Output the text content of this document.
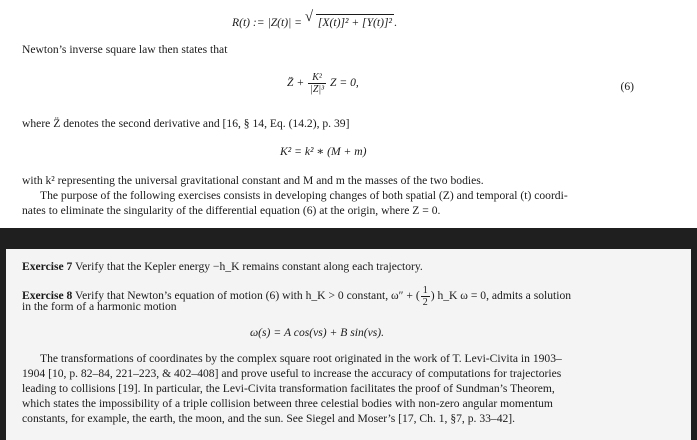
R(t) := |Z(t)| = √ [X(t)]² + [Y(t)]² .
Newton’s inverse square law then states that
Z̈ + $\frac{\text{K²}}{\text{|Z|³}}$ Z = 0,	(6)
where Z̈ denotes the second derivative and [16, § 14, Eq. (14.2), p. 39]
K² = k² ∗ (M + m)
with k² representing the universal gravitational constant and M and m the masses of the two bodies.
The purpose of the following exercises consists in developing changes of both spatial (Z) and temporal (t) coordi-
nates to eliminate the singularity of the differential equation (6) at the origin, where Z = 0.
Exercise 7 Verify that the Kepler energy −h_K remains constant along each trajectory.
Exercise 8 Verify that Newton’s equation of motion (6) with h_K > 0 constant, ω″ + ( $\frac{1}{2}$ ) h_K ω = 0, admits a solution
in the form of a harmonic motion
ω(s) = A cos(νs) + B sin(νs).
The transformations of coordinates by the complex square root originated in the work of T. Levi-Civita in 1903–
1904 [10, p. 82–84, 221–223, & 402–408] and prove useful to increase the accuracy of computations for trajectories
leading to collisions [19]. In particular, the Levi-Civita transformation facilitates the proof of Sundman’s Theorem,
which states the impossibility of a triple collision between three celestial bodies with non-zero angular momentum
constants, for example, the earth, the moon, and the sun. See Siegel and Moser’s [17, Ch. 1, §7, p. 33–42].
